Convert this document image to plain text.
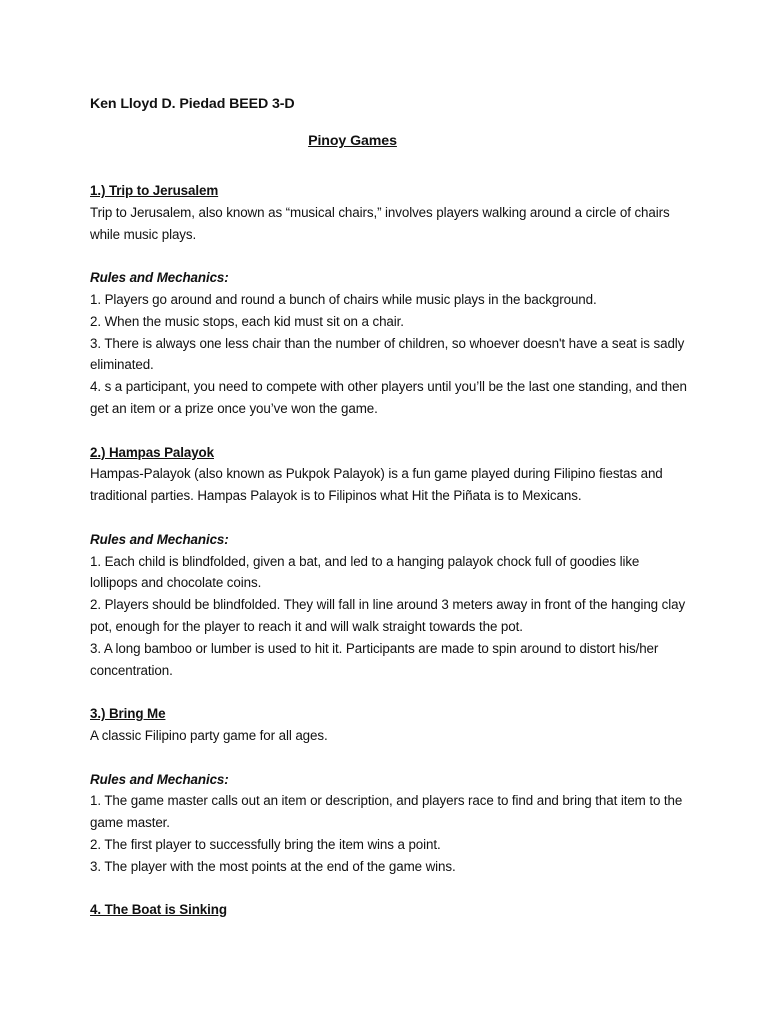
Ken Lloyd D. Piedad BEED 3-D

Pinoy Games

1.) Trip to Jerusalem

Trip to Jerusalem, also known as “musical chairs,” involves players walking around a circle of chairs while music plays.

Rules and Mechanics:

1. Players go around and round a bunch of chairs while music plays in the background.

2. When the music stops, each kid must sit on a chair.

3. There is always one less chair than the number of children, so whoever doesn't have a seat is sadly eliminated.

4. s a participant, you need to compete with other players until you’ll be the last one standing, and then get an item or a prize once you’ve won the game.

2.) Hampas Palayok

Hampas-Palayok (also known as Pukpok Palayok) is a fun game played during Filipino fiestas and traditional parties. Hampas Palayok is to Filipinos what Hit the Piñata is to Mexicans.

Rules and Mechanics:

1. Each child is blindfolded, given a bat, and led to a hanging palayok chock full of goodies like lollipops and chocolate coins.

2. Players should be blindfolded. They will fall in line around 3 meters away in front of the hanging clay pot, enough for the player to reach it and will walk straight towards the pot.

3. A long bamboo or lumber is used to hit it. Participants are made to spin around to distort his/her concentration.

3.) Bring Me

A classic Filipino party game for all ages.

Rules and Mechanics:

1. The game master calls out an item or description, and players race to find and bring that item to the game master.

2. The first player to successfully bring the item wins a point.

3. The player with the most points at the end of the game wins.

4. The Boat is Sinking
